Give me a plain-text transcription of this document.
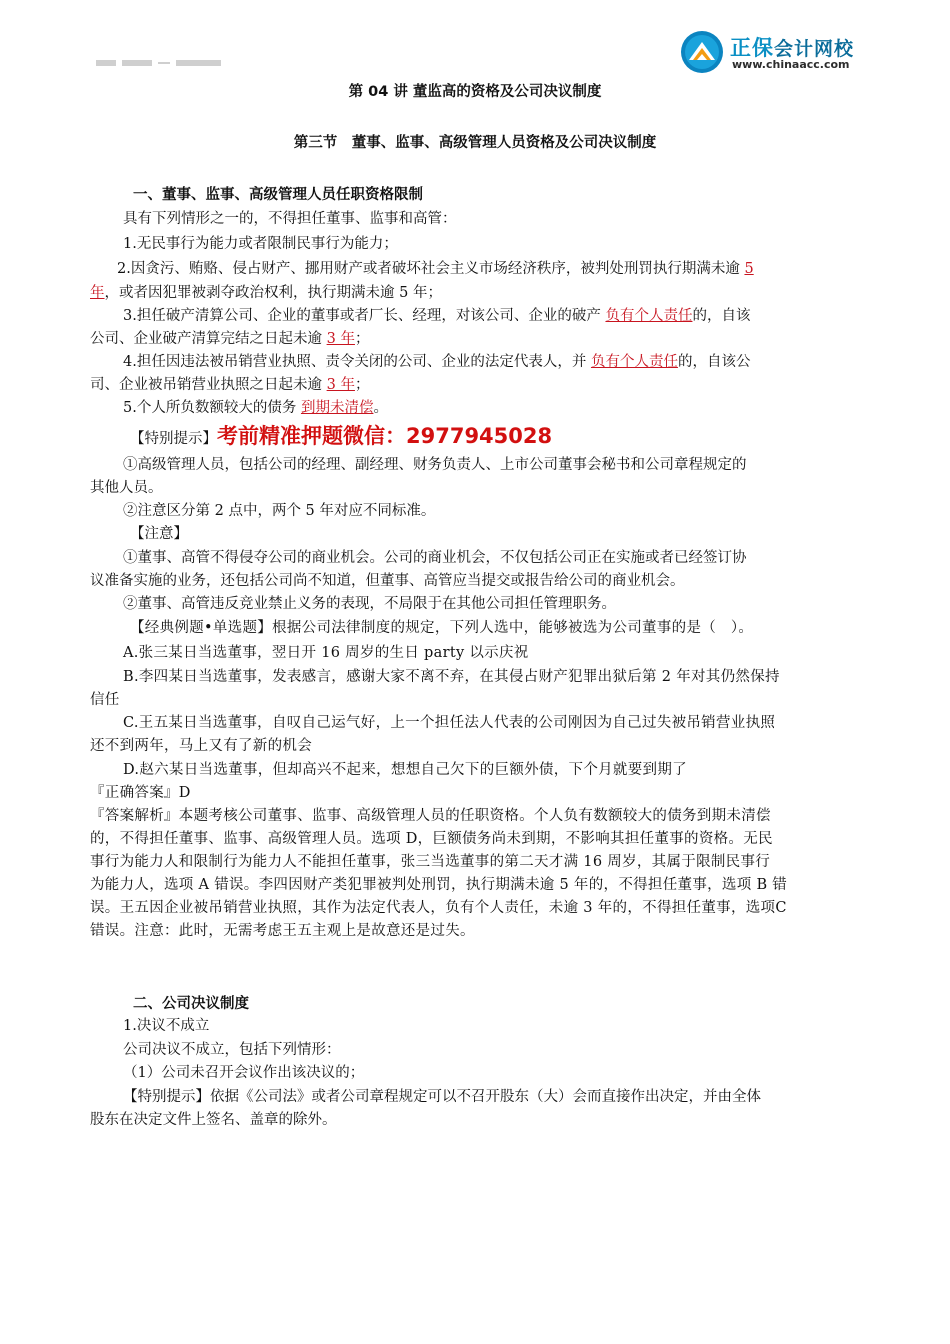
正保会计网校
www.chinaacc.com
第 04 讲 董监高的资格及公司决议制度
第三节　董事、监事、高级管理人员资格及公司决议制度
一、董事、监事、高级管理人员任职资格限制
具有下列情形之一的，不得担任董事、监事和高管：
1.无民事行为能力或者限制民事行为能力；
2.因贪污、贿赂、侵占财产、挪用财产或者破坏社会主义市场经济秩序，被判处刑罚执行期满未逾 5
年，或者因犯罪被剥夺政治权利，执行期满未逾 5 年；
3.担任破产清算公司、企业的董事或者厂长、经理，对该公司、企业的破产 负有个人责任的，自该
公司、企业破产清算完结之日起未逾 3 年；
4.担任因违法被吊销营业执照、责令关闭的公司、企业的法定代表人，并 负有个人责任的，自该公
司、企业被吊销营业执照之日起未逾 3 年；
5.个人所负数额较大的债务 到期未清偿。
【特别提示】考前精准押题微信：2977945028
①高级管理人员，包括公司的经理、副经理、财务负责人、上市公司董事会秘书和公司章程规定的
其他人员。
②注意区分第 2 点中，两个 5 年对应不同标准。
【注意】
①董事、高管不得侵夺公司的商业机会。公司的商业机会，不仅包括公司正在实施或者已经签订协
议准备实施的业务，还包括公司尚不知道，但董事、高管应当提交或报告给公司的商业机会。
②董事、高管违反竞业禁止义务的表现，不局限于在其他公司担任管理职务。
【经典例题•单选题】根据公司法律制度的规定，下列人选中，能够被选为公司董事的是（　）。
A.张三某日当选董事，翌日开 16 周岁的生日 party 以示庆祝
B.李四某日当选董事，发表感言，感谢大家不离不弃，在其侵占财产犯罪出狱后第 2 年对其仍然保持
信任
C.王五某日当选董事，自叹自己运气好，上一个担任法人代表的公司刚因为自己过失被吊销营业执照
还不到两年，马上又有了新的机会
D.赵六某日当选董事，但却高兴不起来，想想自己欠下的巨额外债，下个月就要到期了
『正确答案』D
『答案解析』本题考核公司董事、监事、高级管理人员的任职资格。个人负有数额较大的债务到期未清偿
的，不得担任董事、监事、高级管理人员。选项 D，巨额债务尚未到期，不影响其担任董事的资格。无民
事行为能力人和限制行为能力人不能担任董事，张三当选董事的第二天才满 16 周岁，其属于限制民事行
为能力人，选项 A 错误。李四因财产类犯罪被判处刑罚，执行期满未逾 5 年的，不得担任董事，选项 B 错
误。王五因企业被吊销营业执照，其作为法定代表人，负有个人责任，未逾 3 年的，不得担任董事，选项C
错误。注意：此时，无需考虑王五主观上是故意还是过失。
二、公司决议制度
1.决议不成立
公司决议不成立，包括下列情形：
（1）公司未召开会议作出该决议的；
【特别提示】依据《公司法》或者公司章程规定可以不召开股东（大）会而直接作出决定，并由全体
股东在决定文件上签名、盖章的除外。
